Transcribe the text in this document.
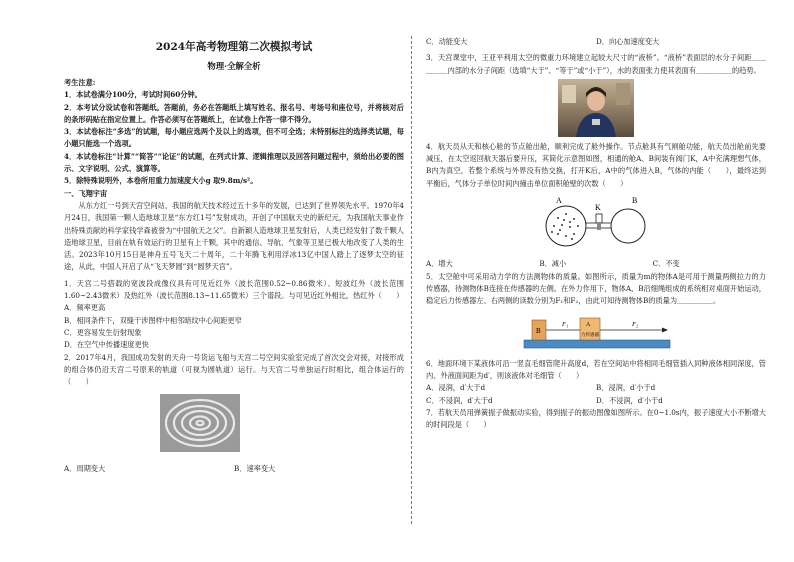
2024年高考物理第二次模拟考试
物理·全解全析
考生注意:
1．本试卷满分100分，考试时间60分钟。
2．本考试分设试卷和答题纸。答题前，务必在答题纸上填写姓名、报名号、考场号和座位号，并将核对后的条形码贴在指定位置上。作答必须写在答题纸上，在试卷上作答一律不得分。
3．本试卷标注“多选”的试题，每小题应选两个及以上的选项，但不可全选；未特别标注的选择类试题，每小题只能选一个选项。
4．本试卷标注“计算”“简答”“论证”的试题，在列式计算、逻辑推理以及回答问题过程中，须给出必要的图示、文字说明、公式、演算等。
5．除特殊说明外，本卷所用重力加速度大小g 取9.8m/s²。
一、飞翔宇宙
从东方红一号到天宫空间站，我国的航天技术经过五十多年的发展，已达到了世界领先水平。1970年4月24日，我国第一颗人造地球卫星“东方红1号”发射成功，开创了中国航天史的新纪元，为我国航天事业作出特殊贡献的科学家钱学森被誉为“中国航天之父”。自新颖人造地球卫星发射后，人类已经发射了数千颗人造地球卫星，目前在轨有效运行的卫星有上千颗，其中的通信、导航、气象等卫星已极大地改变了人类的生活。2023年10月15日是神舟五号飞天二十周年，二十年腾飞利用浮冰13亿中国人踏上了逐梦太空的征途，从此，中国人开启了从“飞天梦圆”到“圆梦天宫”。
1．天宫二号搭载的宽波段成像仪具有可见近红外（波长范围0.52~0.86微米）、短波红外（波长范围1.60~2.43微米）及热红外（波长范围8.13~11.65微米）三个谱段。与可见近红外相比，热红外（　　）
A．频率更高
B．相同条件下，双缝干涉图样中相邻暗纹中心间距更窄
C．更容易发生衍射现象
D．在空气中传播速度更快
2．2017年4月，我国成功发射的天舟一号货运飞船与天宫二号空间实验室完成了首次交会对接，对接形成的组合体仍沿天宫二号原来的轨道（可视为圆轨道）运行。与天宫二号单独运行时相比，组合体运行的（　　）
A．周期变大	B．速率变大
C．动能变大	D．向心加速度变大
3．天宫课堂中，王亚平利用太空的微重力环境建立起较大尺寸的“液桥”。“液桥”表面层的水分子间距＿＿＿＿＿内部的水分子间距（选填“大于”、“等于”或“小于”），水的表面张力使其表面有＿＿＿＿＿的趋势。
4．航天员从天和核心舱的节点舱出舱，顺利完成了舱外操作。节点舱具有气闸舱功能，航天员出舱前先要减压，在太空返回航天器后要升压，其简化示意图如图，相通的舱A、B间装有阀门K，A中充满理想气体，B内为真空，若整个系统与外界没有热交换，打开K后，A中的气体进入B，气体的内能（　　），最终达到平衡后，气体分子单位时间内撞击单位面积舱壁的次数（　　）
A
K
B
A．增大	B．减小	C．不变
5．太空舱中可采用动力学的方法测物体的质量。如图所示，质量为m的物体A是可用于测量两侧拉力的力传感器，待测物体B连接在传感器的左侧。在外力作用下，物体A、B沿细绳组成的系统相对桌面开始运动，稳定后力传感器左、右两侧的读数分别为F₁和F₂，由此可知待测物体B的质量为＿＿＿＿＿。
B
A
力传感器
F₁	F₂
6．地面环境下某液体可沿一竖直毛细管爬升高度d，若在空间站中将相同毛细管插入同种液体相同深度，管内、外液面间距为d′，则该液体对毛细管（　　）
A．浸润，d′大于d	B．浸润，d′小于d
C．不浸润，d′大于d	D．不浸润，d′小于d
7．若航天员用弹簧振子做振动实验，得到振子的振动图像如图所示。在0~1.0s内，振子速度大小不断增大的时间段是（　　）
